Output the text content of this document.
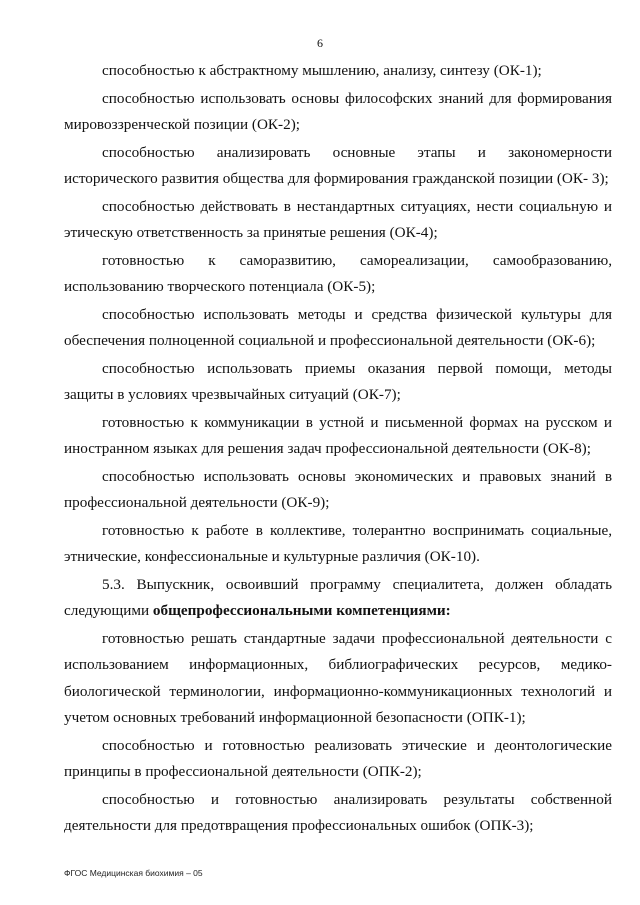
6

способностью к абстрактному мышлению, анализу, синтезу (ОК-1);

способностью использовать основы философских знаний для формирования мировоззренческой позиции (ОК-2);

способностью анализировать основные этапы и закономерности исторического развития общества для формирования гражданской позиции (ОК- 3);

способностью действовать в нестандартных ситуациях, нести социальную и этическую ответственность за принятые решения (ОК-4);

готовностью к саморазвитию, самореализации, самообразованию, использованию творческого потенциала (ОК-5);

способностью использовать методы и средства физической культуры для обеспечения полноценной социальной и профессиональной деятельности (ОК-6);

способностью использовать приемы оказания первой помощи, методы защиты в условиях чрезвычайных ситуаций (ОК-7);

готовностью к коммуникации в устной и письменной формах на русском и иностранном языках для решения задач профессиональной деятельности (ОК-8);

способностью использовать основы экономических и правовых знаний в профессиональной деятельности (ОК-9);

готовностью к работе в коллективе, толерантно воспринимать социальные, этнические, конфессиональные и культурные различия (ОК-10).

5.3. Выпускник, освоивший программу специалитета, должен обладать следующими общепрофессиональными компетенциями:

готовностью решать стандартные задачи профессиональной деятельности с использованием информационных, библиографических ресурсов, медико-биологической терминологии, информационно-коммуникационных технологий и учетом основных требований информационной безопасности (ОПК-1);

способностью и готовностью реализовать этические и деонтологические принципы в профессиональной деятельности (ОПК-2);

способностью и готовностью анализировать результаты собственной деятельности для предотвращения профессиональных ошибок (ОПК-3);

ФГОС Медицинская биохимия – 05
